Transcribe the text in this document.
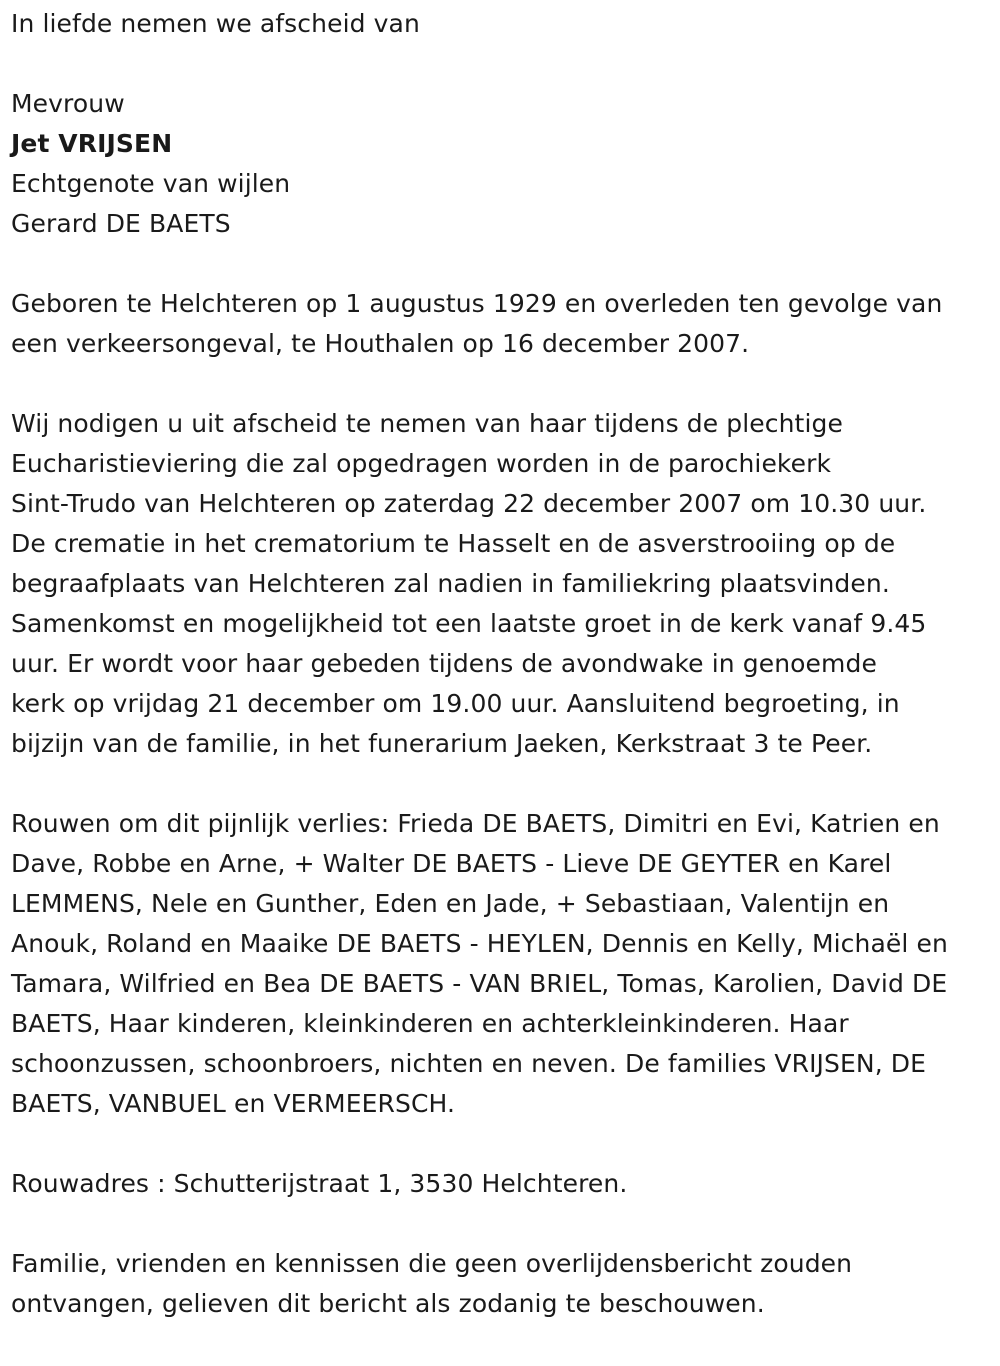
In liefde nemen we afscheid van
Mevrouw
Jet VRIJSEN
Echtgenote van wijlen
Gerard DE BAETS
Geboren te Helchteren op 1 augustus 1929 en overleden ten gevolge van
een verkeersongeval, te Houthalen op 16 december 2007.
Wij nodigen u uit afscheid te nemen van haar tijdens de plechtige
Eucharistieviering die zal opgedragen worden in de parochiekerk
Sint-Trudo van Helchteren op zaterdag 22 december 2007 om 10.30 uur.
De crematie in het crematorium te Hasselt en de asverstrooiing op de
begraafplaats van Helchteren zal nadien in familiekring plaatsvinden.
Samenkomst en mogelijkheid tot een laatste groet in de kerk vanaf 9.45
uur. Er wordt voor haar gebeden tijdens de avondwake in genoemde
kerk op vrijdag 21 december om 19.00 uur. Aansluitend begroeting, in
bijzijn van de familie, in het funerarium Jaeken, Kerkstraat 3 te Peer.
Rouwen om dit pijnlijk verlies: Frieda DE BAETS, Dimitri en Evi, Katrien en
Dave, Robbe en Arne, + Walter DE BAETS - Lieve DE GEYTER en Karel
LEMMENS, Nele en Gunther, Eden en Jade, + Sebastiaan, Valentijn en
Anouk, Roland en Maaike DE BAETS - HEYLEN, Dennis en Kelly, Michaël en
Tamara, Wilfried en Bea DE BAETS - VAN BRIEL, Tomas, Karolien, David DE
BAETS, Haar kinderen, kleinkinderen en achterkleinkinderen. Haar
schoonzussen, schoonbroers, nichten en neven. De families VRIJSEN, DE
BAETS, VANBUEL en VERMEERSCH.
Rouwadres : Schutterijstraat 1, 3530 Helchteren.
Familie, vrienden en kennissen die geen overlijdensbericht zouden
ontvangen, gelieven dit bericht als zodanig te beschouwen.
